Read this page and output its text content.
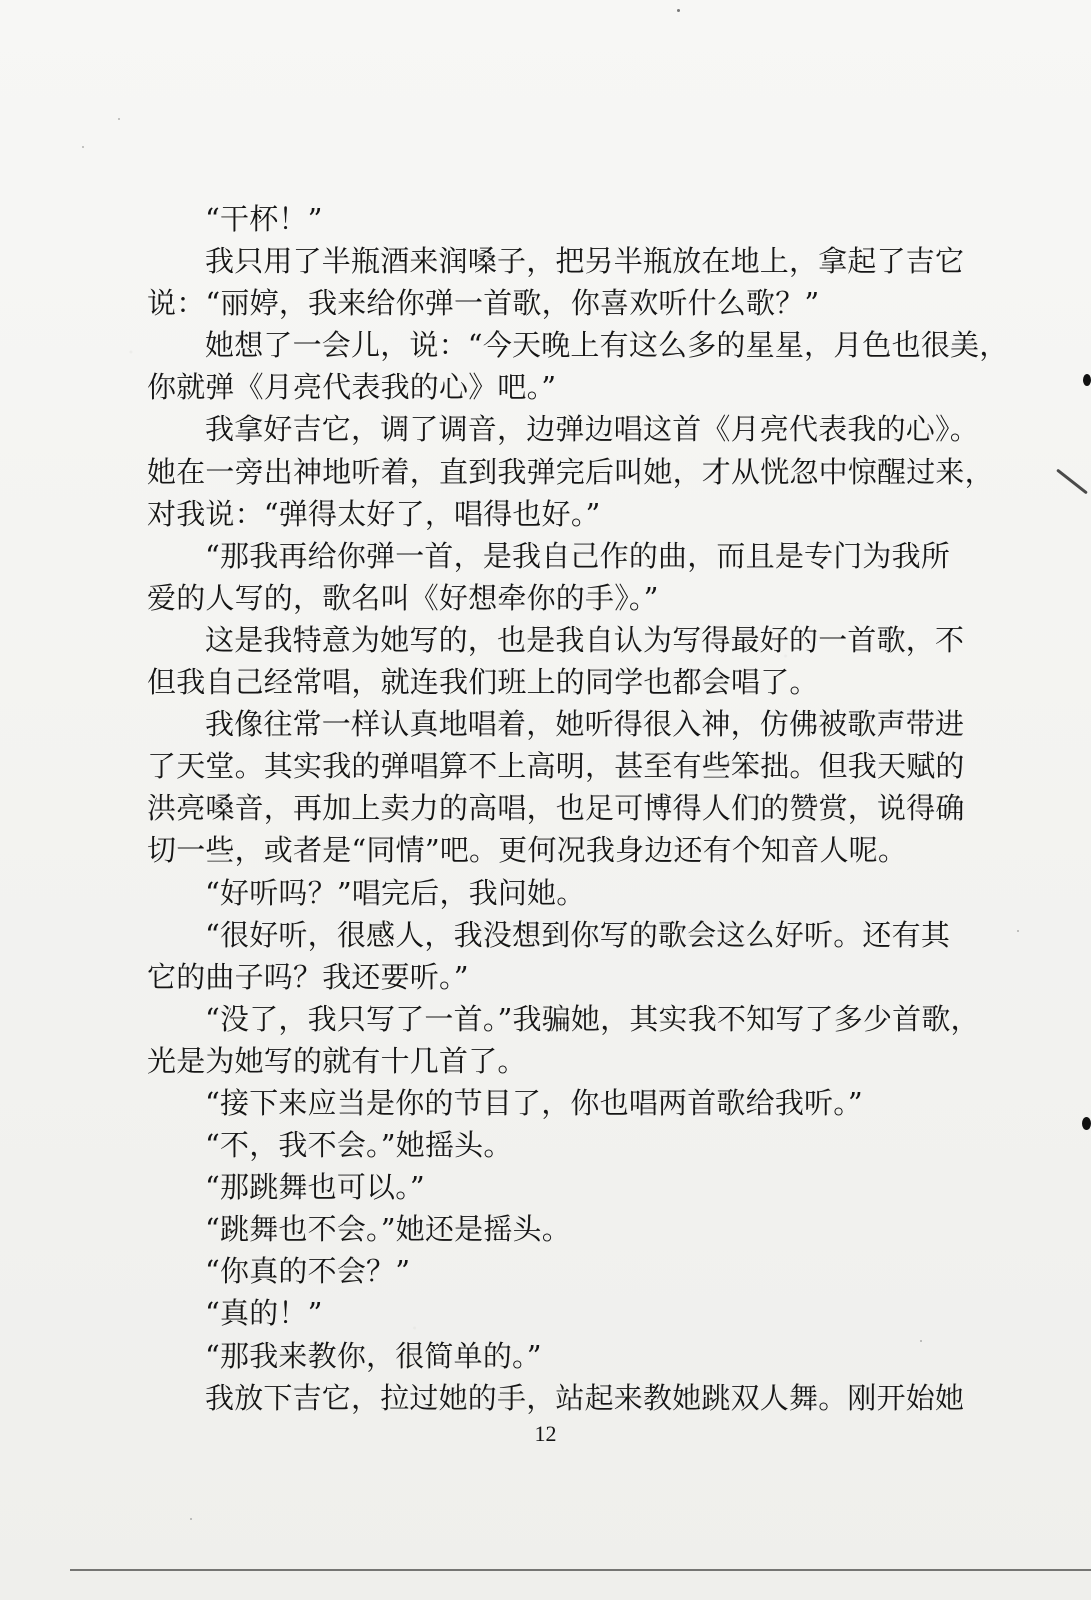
“干杯！”
我只用了半瓶酒来润嗓子，把另半瓶放在地上，拿起了吉它
说：“丽婷，我来给你弹一首歌，你喜欢听什么歌？”
她想了一会儿，说：“今天晚上有这么多的星星，月色也很美，
你就弹《月亮代表我的心》吧。”
我拿好吉它，调了调音，边弹边唱这首《月亮代表我的心》。
她在一旁出神地听着，直到我弹完后叫她，才从恍忽中惊醒过来，
对我说：“弹得太好了，唱得也好。”
“那我再给你弹一首，是我自己作的曲，而且是专门为我所
爱的人写的，歌名叫《好想牵你的手》。”
这是我特意为她写的，也是我自认为写得最好的一首歌，不
但我自己经常唱，就连我们班上的同学也都会唱了。
我像往常一样认真地唱着，她听得很入神，仿佛被歌声带进
了天堂。其实我的弹唱算不上高明，甚至有些笨拙。但我天赋的
洪亮嗓音，再加上卖力的高唱，也足可博得人们的赞赏，说得确
切一些，或者是“同情”吧。更何况我身边还有个知音人呢。
“好听吗？”唱完后，我问她。
“很好听，很感人，我没想到你写的歌会这么好听。还有其
它的曲子吗？我还要听。”
“没了，我只写了一首。”我骗她，其实我不知写了多少首歌，
光是为她写的就有十几首了。
“接下来应当是你的节目了，你也唱两首歌给我听。”
“不，我不会。”她摇头。
“那跳舞也可以。”
“跳舞也不会。”她还是摇头。
“你真的不会？”
“真的！”
“那我来教你，很简单的。”
我放下吉它，拉过她的手，站起来教她跳双人舞。刚开始她
12
